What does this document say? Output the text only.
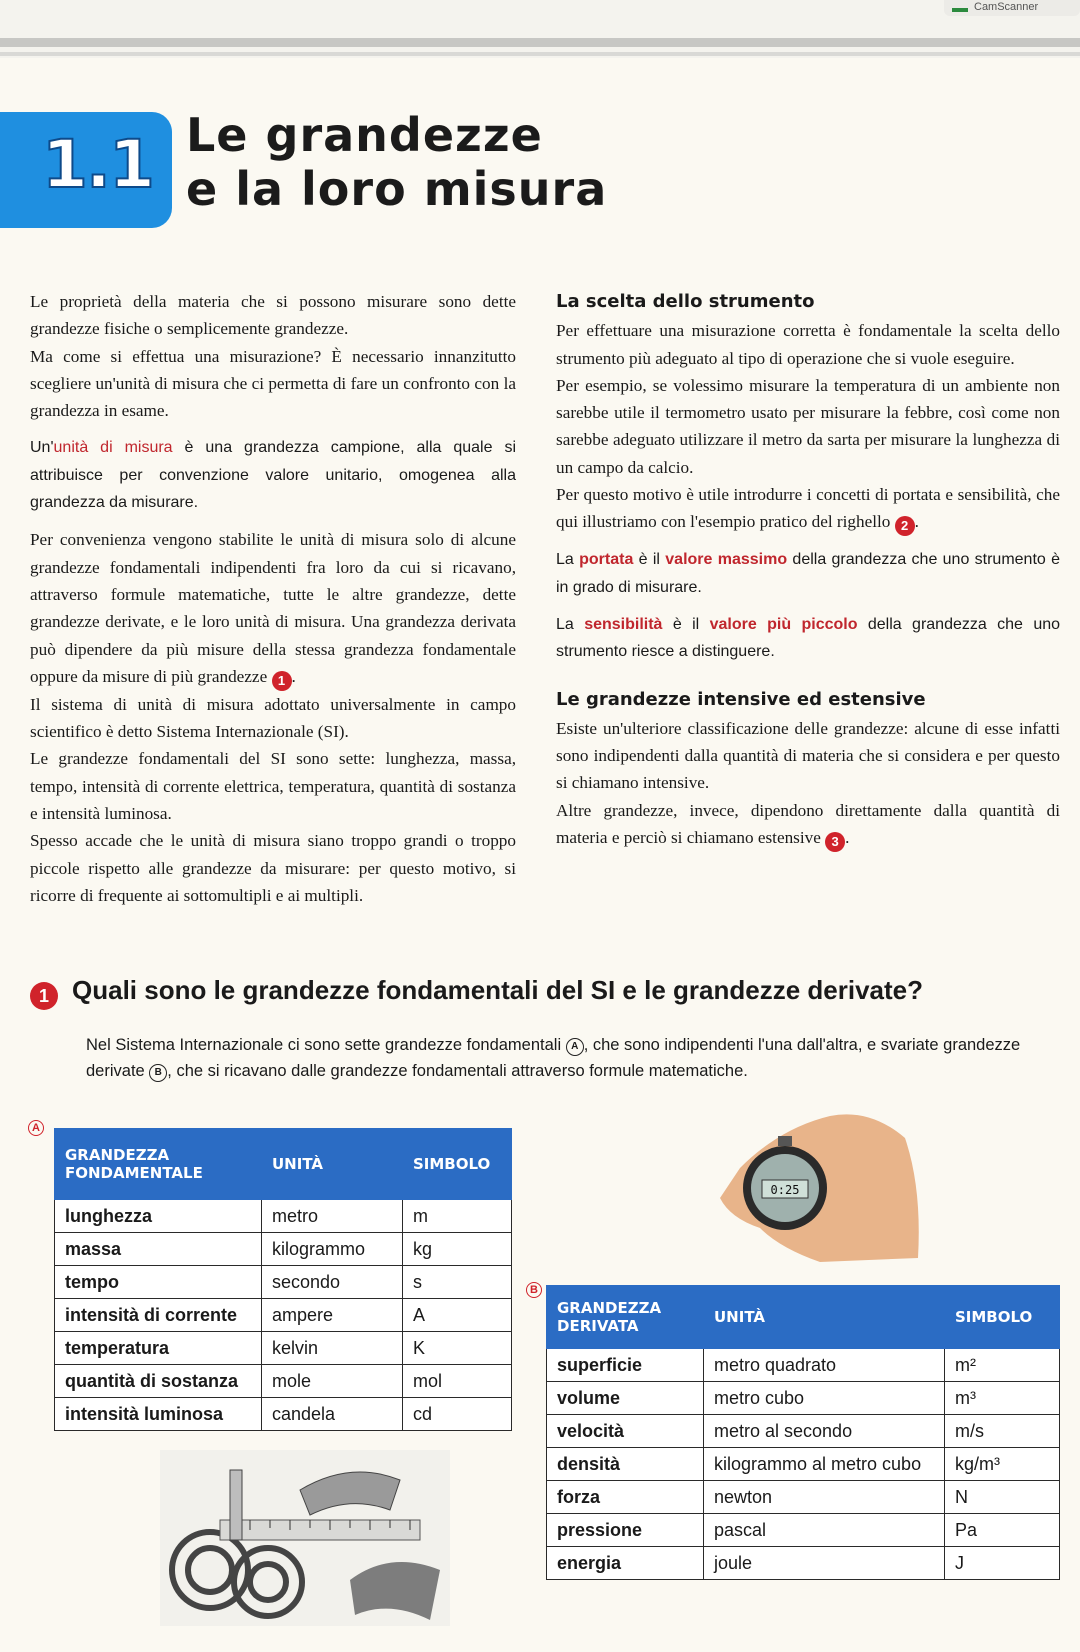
CamScanner
1.1 Le grandezze
e la loro misura

Le proprietà della materia che si possono misurare sono dette grandezze fisiche o semplicemente grandezze.

Ma come si effettua una misurazione? È necessario innanzitutto scegliere un'unità di misura che ci permetta di fare un confronto con la grandezza in esame.

Un'unità di misura è una grandezza campione, alla quale si attribuisce per convenzione valore unitario, omogenea alla grandezza da misurare.

Per convenienza vengono stabilite le unità di misura solo di alcune grandezze fondamentali indipendenti fra loro da cui si ricavano, attraverso formule matematiche, tutte le altre grandezze, dette grandezze derivate, e le loro unità di misura. Una grandezza derivata può dipendere da più misure della stessa grandezza fondamentale oppure da misure di più grandezze 1 .

Il sistema di unità di misura adottato universalmente in campo scientifico è detto Sistema Internazionale (SI).

Le grandezze fondamentali del SI sono sette: lunghezza, massa, tempo, intensità di corrente elettrica, temperatura, quantità di sostanza e intensità luminosa.

Spesso accade che le unità di misura siano troppo grandi o troppo piccole rispetto alle grandezze da misurare: per questo motivo, si ricorre di frequente ai sottomultipli e ai multipli.

La scelta dello strumento

Per effettuare una misurazione corretta è fondamentale la scelta dello strumento più adeguato al tipo di operazione che si vuole eseguire.

Per esempio, se volessimo misurare la temperatura di un ambiente non sarebbe utile il termometro usato per misurare la febbre, così come non sarebbe adeguato utilizzare il metro da sarta per misurare la lunghezza di un campo da calcio.

Per questo motivo è utile introdurre i concetti di portata e sensibilità, che qui illustriamo con l'esempio pratico del righello 2 .

La portata è il valore massimo della grandezza che uno strumento è in grado di misurare.

La sensibilità è il valore più piccolo della grandezza che uno strumento riesce a distinguere.

Le grandezze intensive ed estensive

Esiste un'ulteriore classificazione delle grandezze: alcune di esse infatti sono indipendenti dalla quantità di materia che si considera e per questo si chiamano intensive.

Altre grandezze, invece, dipendono direttamente dalla quantità di materia e perciò si chiamano estensive 3 .

1 Quali sono le grandezze fondamentali del SI e le grandezze derivate?
Nel Sistema Internazionale ci sono sette grandezze fondamentali A , che sono indipendenti l'una dall'altra, e svariate grandezze derivate B , che si ricavano dalle grandezze fondamentali attraverso formule matematiche.
A
GRANDEZZA FONDAMENTALE	UNITÀ	SIMBOLO
lunghezza	metro	m
massa	kilogrammo	kg
tempo	secondo	s
intensità di corrente	ampere	A
temperatura	kelvin	K
quantità di sostanza	mole	mol
intensità luminosa	candela	cd
0:25
B
GRANDEZZA DERIVATA	UNITÀ	SIMBOLO
superficie	metro quadrato	m²
volume	metro cubo	m³
velocità	metro al secondo	m/s
densità	kilogrammo al metro cubo	kg/m³
forza	newton	N
pressione	pascal	Pa
energia	joule	J
